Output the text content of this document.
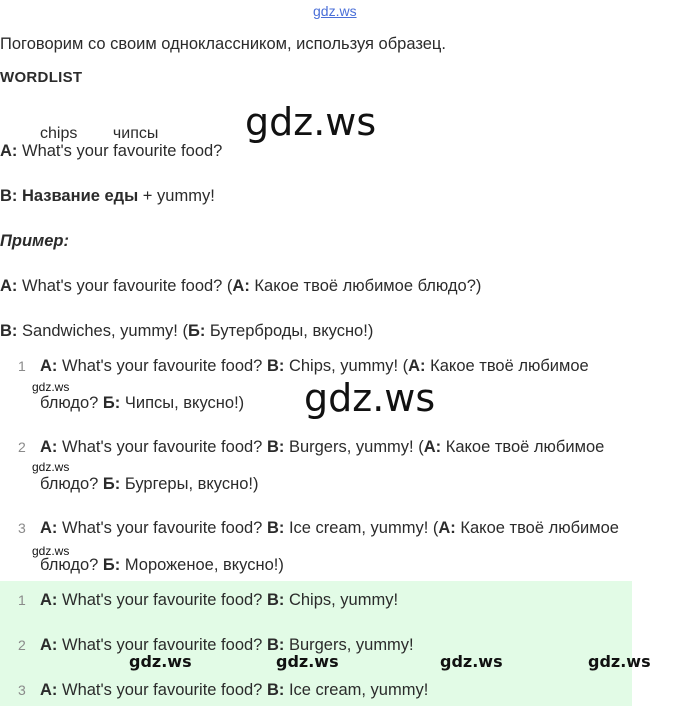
gdz.ws
Поговорим со своим одноклассником, используя образец.
WORDLIST
chips        чипсы gdz.ws
A: What's your favourite food?
B: Название еды + yummy!
Пример:
A: What's your favourite food? (А: Какое твоё любимое блюдо?)
B: Sandwiches, yummy! (Б: Бутерброды, вкусно!)
1 A: What's your favourite food? B: Chips, yummy! (А: Какое твоё любимое
gdz.ws
блюдо? Б: Чипсы, вкусно!) gdz.ws
2 A: What's your favourite food? B: Burgers, yummy! (А: Какое твоё любимое
gdz.ws
блюдо? Б: Бургеры, вкусно!)
3 A: What's your favourite food? B: Ice cream, yummy! (А: Какое твоё любимое
gdz.ws
блюдо? Б: Мороженое, вкусно!)
1 A: What's your favourite food? B: Chips, yummy!
2 A: What's your favourite food? B: Burgers, yummy!
gdz.ws	gdz.ws	gdz.ws	gdz.ws
3 A: What's your favourite food? B: Ice cream, yummy!
